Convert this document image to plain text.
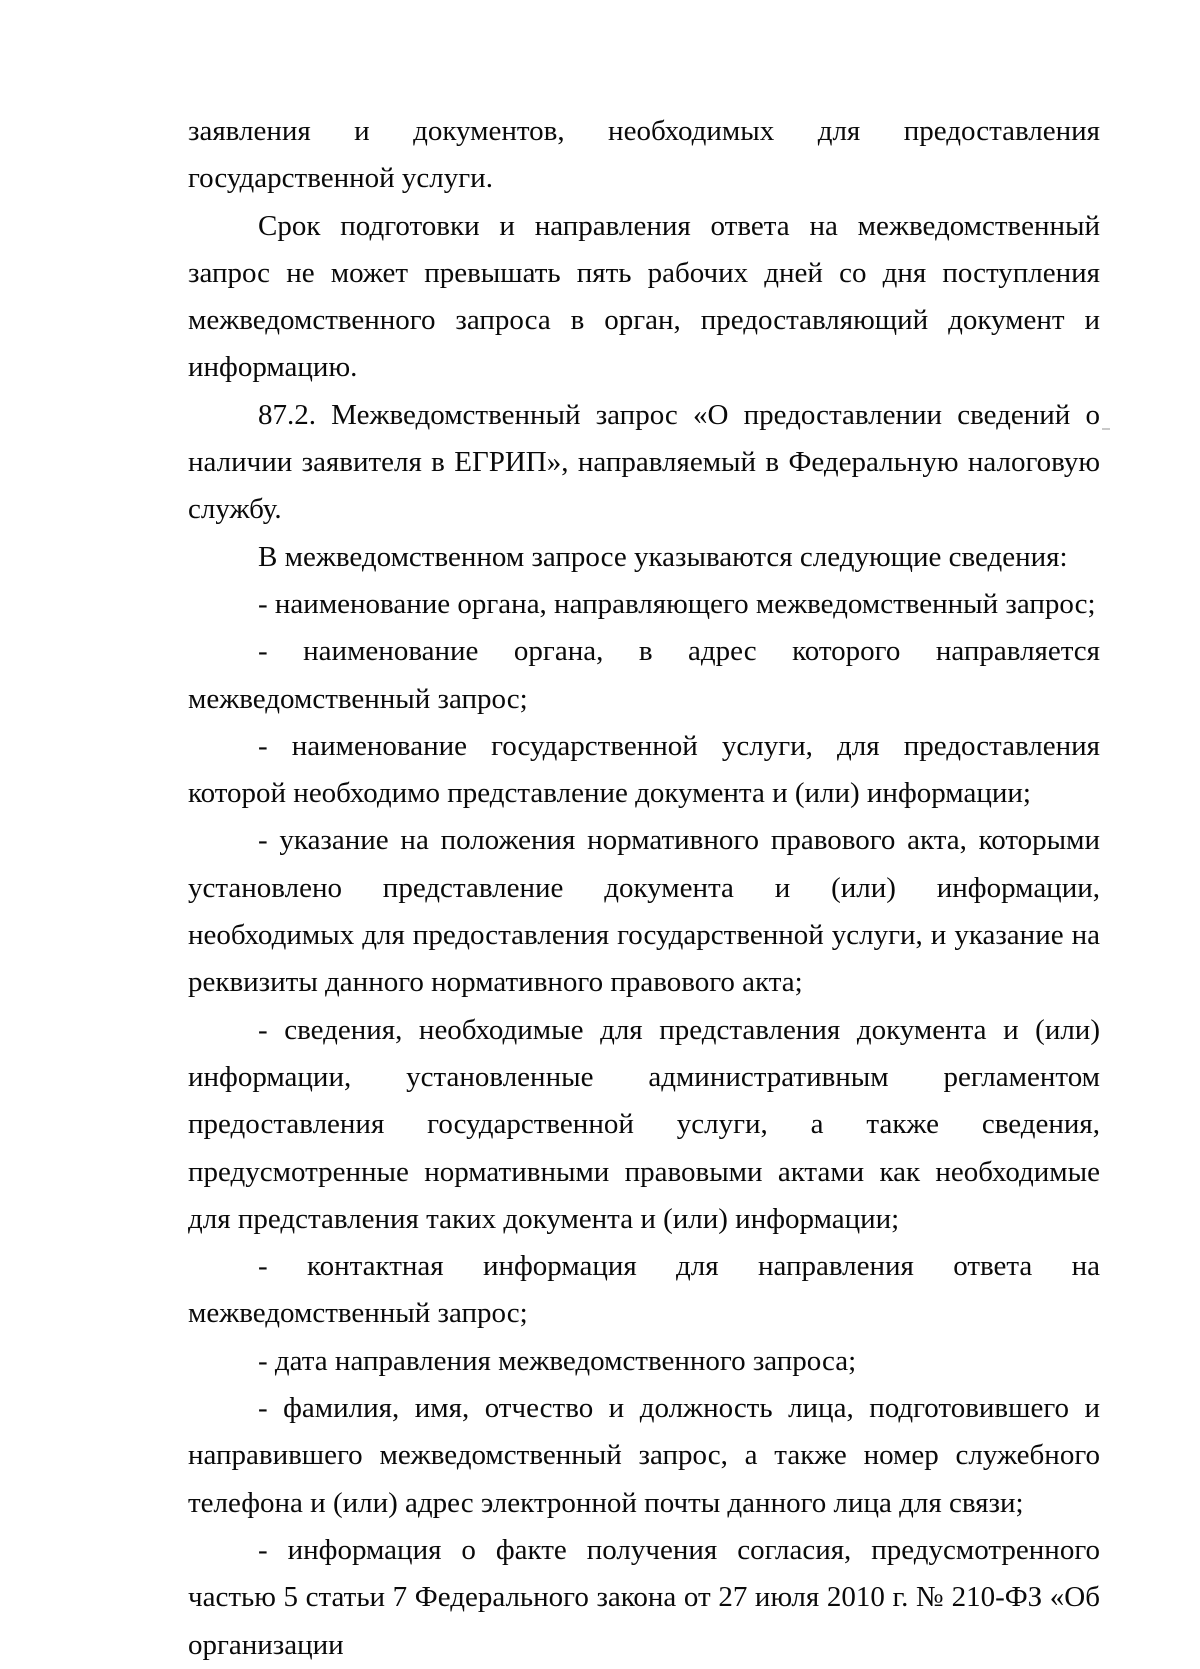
заявления и документов, необходимых для предоставления государственной услуги.

Срок подготовки и направления ответа на межведомственный запрос не может превышать пять рабочих дней со дня поступления межведомственного запроса в орган, предоставляющий документ и информацию.

87.2. Межведомственный запрос «О предоставлении сведений о наличии заявителя в ЕГРИП», направляемый в Федеральную налоговую службу.

В межведомственном запросе указываются следующие сведения:

- наименование органа, направляющего межведомственный запрос;

- наименование органа, в адрес которого направляется межведомственный запрос;

- наименование государственной услуги, для предоставления которой необходимо представление документа и (или) информации;

- указание на положения нормативного правового акта, которыми установлено представление документа и (или) информации, необходимых для предоставления государственной услуги, и указание на реквизиты данного нормативного правового акта;

- сведения, необходимые для представления документа и (или) информации, установленные административным регламентом предоставления государственной услуги, а также сведения, предусмотренные нормативными правовыми актами как необходимые для представления таких документа и (или) информации;

- контактная информация для направления ответа на межведомственный запрос;

- дата направления межведомственного запроса;

- фамилия, имя, отчество и должность лица, подготовившего и направившего межведомственный запрос, а также номер служебного телефона и (или) адрес электронной почты данного лица для связи;

- информация о факте получения согласия, предусмотренного частью 5 статьи 7 Федерального закона от 27 июля 2010 г. № 210-ФЗ «Об организации
